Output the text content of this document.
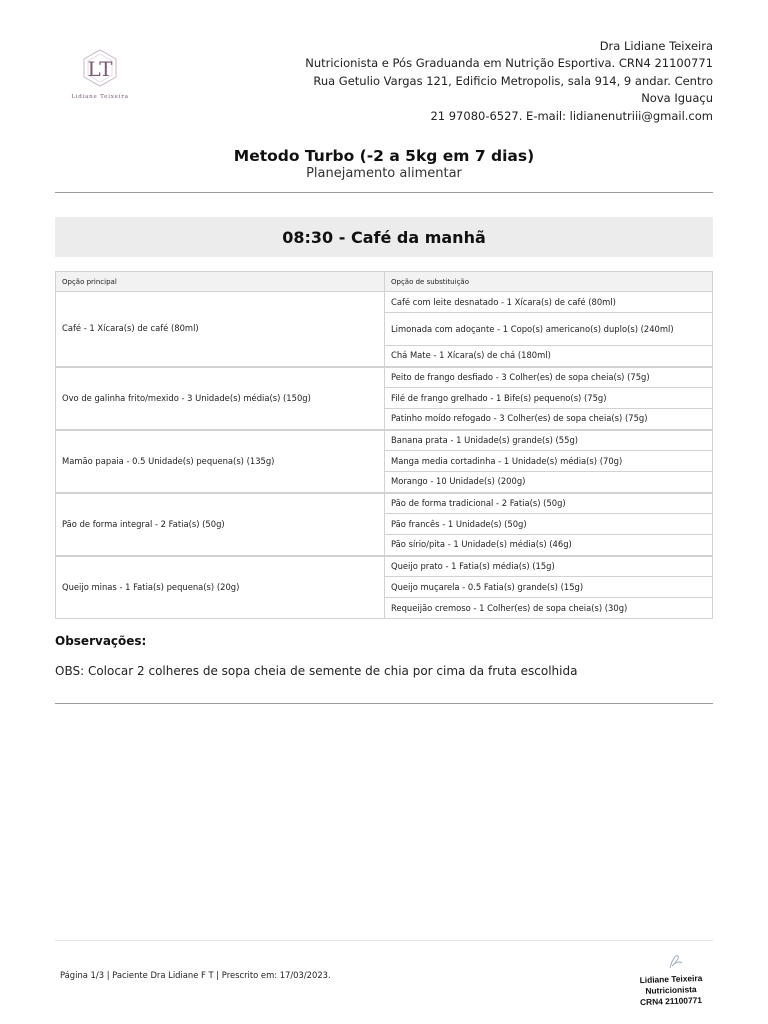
LT
Lidiane Teixeira
Dra Lidiane Teixeira
Nutricionista e Pós Graduanda em Nutrição Esportiva. CRN4 21100771
Rua Getulio Vargas 121, Edificio Metropolis, sala 914, 9 andar. Centro
Nova Iguaçu
21 97080-6527. E-mail: lidianenutriii@gmail.com
Metodo Turbo (-2 a 5kg em 7 dias)
Planejamento alimentar
08:30 - Café da manhã
Opção principal	Opção de substituição
Café - 1 Xícara(s) de café (80ml)	Café com leite desnatado - 1 Xícara(s) de café (80ml)
	Limonada com adoçante - 1 Copo(s) americano(s) duplo(s) (240ml)
	Chá Mate - 1 Xícara(s) de chá (180ml)
Ovo de galinha frito/mexido - 3 Unidade(s) média(s) (150g)	Peito de frango desfiado - 3 Colher(es) de sopa cheia(s) (75g)
	Filé de frango grelhado - 1 Bife(s) pequeno(s) (75g)
	Patinho moído refogado - 3 Colher(es) de sopa cheia(s) (75g)
Mamão papaia - 0.5 Unidade(s) pequena(s) (135g)	Banana prata - 1 Unidade(s) grande(s) (55g)
	Manga media cortadinha - 1 Unidade(s) média(s) (70g)
	Morango - 10 Unidade(s) (200g)
Pão de forma integral - 2 Fatia(s) (50g)	Pão de forma tradicional - 2 Fatia(s) (50g)
	Pão francês - 1 Unidade(s) (50g)
	Pão sírio/pita - 1 Unidade(s) média(s) (46g)
Queijo minas - 1 Fatia(s) pequena(s) (20g)	Queijo prato - 1 Fatia(s) média(s) (15g)
	Queijo muçarela - 0.5 Fatia(s) grande(s) (15g)
	Requeijão cremoso - 1 Colher(es) de sopa cheia(s) (30g)
Observações:
OBS: Colocar 2 colheres de sopa cheia de semente de chia por cima da fruta escolhida
Página 1/3 | Paciente Dra Lidiane F T | Prescrito em: 17/03/2023.	Lidiane Teixeira
Nutricionista
CRN4 21100771
